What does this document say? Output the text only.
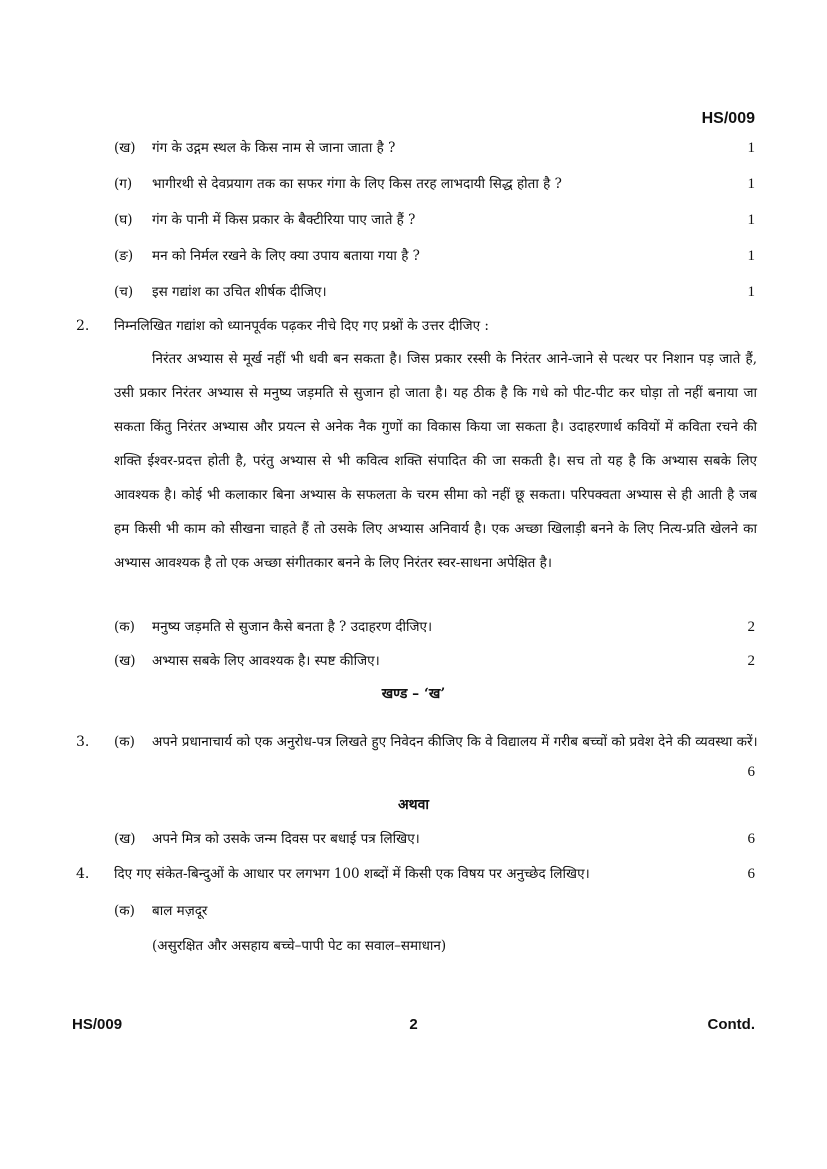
HS/009
(ख) गंग के उद्गम स्थल के किस नाम से जाना जाता है ?	1
(ग) भागीरथी से देवप्रयाग तक का सफर गंगा के लिए किस तरह लाभदायी सिद्ध होता है ?	1
(घ) गंग के पानी में किस प्रकार के बैक्टीरिया पाए जाते हैं ?	1
(ङ) मन को निर्मल रखने के लिए क्या उपाय बताया गया है ?	1
(च) इस गद्यांश का उचित शीर्षक दीजिए।	1
2. निम्नलिखित गद्यांश को ध्यानपूर्वक पढ़कर नीचे दिए गए प्रश्नों के उत्तर दीजिए :
निरंतर अभ्यास से मूर्ख नहीं भी धवी बन सकता है। जिस प्रकार रस्सी के निरंतर आने-जाने से पत्थर पर निशान पड़ जाते हैं, उसी प्रकार निरंतर अभ्यास से मनुष्य जड़मति से सुजान हो जाता है। यह ठीक है कि गधे को पीट-पीट कर घोड़ा तो नहीं बनाया जा सकता किंतु निरंतर अभ्यास और प्रयत्न से अनेक नैक गुणों का विकास किया जा सकता है। उदाहरणार्थ कवियों में कविता रचने की शक्ति ईश्वर-प्रदत्त होती है, परंतु अभ्यास से भी कवित्व शक्ति संपादित की जा सकती है। सच तो यह है कि अभ्यास सबके लिए आवश्यक है। कोई भी कलाकार बिना अभ्यास के सफलता के चरम सीमा को नहीं छू सकता। परिपक्वता अभ्यास से ही आती है जब हम किसी भी काम को सीखना चाहते हैं तो उसके लिए अभ्यास अनिवार्य है। एक अच्छा खिलाड़ी बनने के लिए नित्य-प्रति खेलने का अभ्यास आवश्यक है तो एक अच्छा संगीतकार बनने के लिए निरंतर स्वर-साधना अपेक्षित है।
(क) मनुष्य जड़मति से सुजान कैसे बनता है ? उदाहरण दीजिए।	2
(ख) अभ्यास सबके लिए आवश्यक है। स्पष्ट कीजिए।	2
खण्ड – ‘ख’
3. (क) अपने प्रधानाचार्य को एक अनुरोध-पत्र लिखते हुए निवेदन कीजिए कि वे विद्यालय में गरीब बच्चों को प्रवेश देने की व्यवस्था करें।
6
अथवा
(ख) अपने मित्र को उसके जन्म दिवस पर बधाई पत्र लिखिए।	6
4. दिए गए संकेत-बिन्दुओं के आधार पर लगभग 100 शब्दों में किसी एक विषय पर अनुच्छेद लिखिए।	6
(क) बाल मज़दूर
(असुरक्षित और असहाय बच्चे–पापी पेट का सवाल–समाधान)
HS/009	2	Contd.
